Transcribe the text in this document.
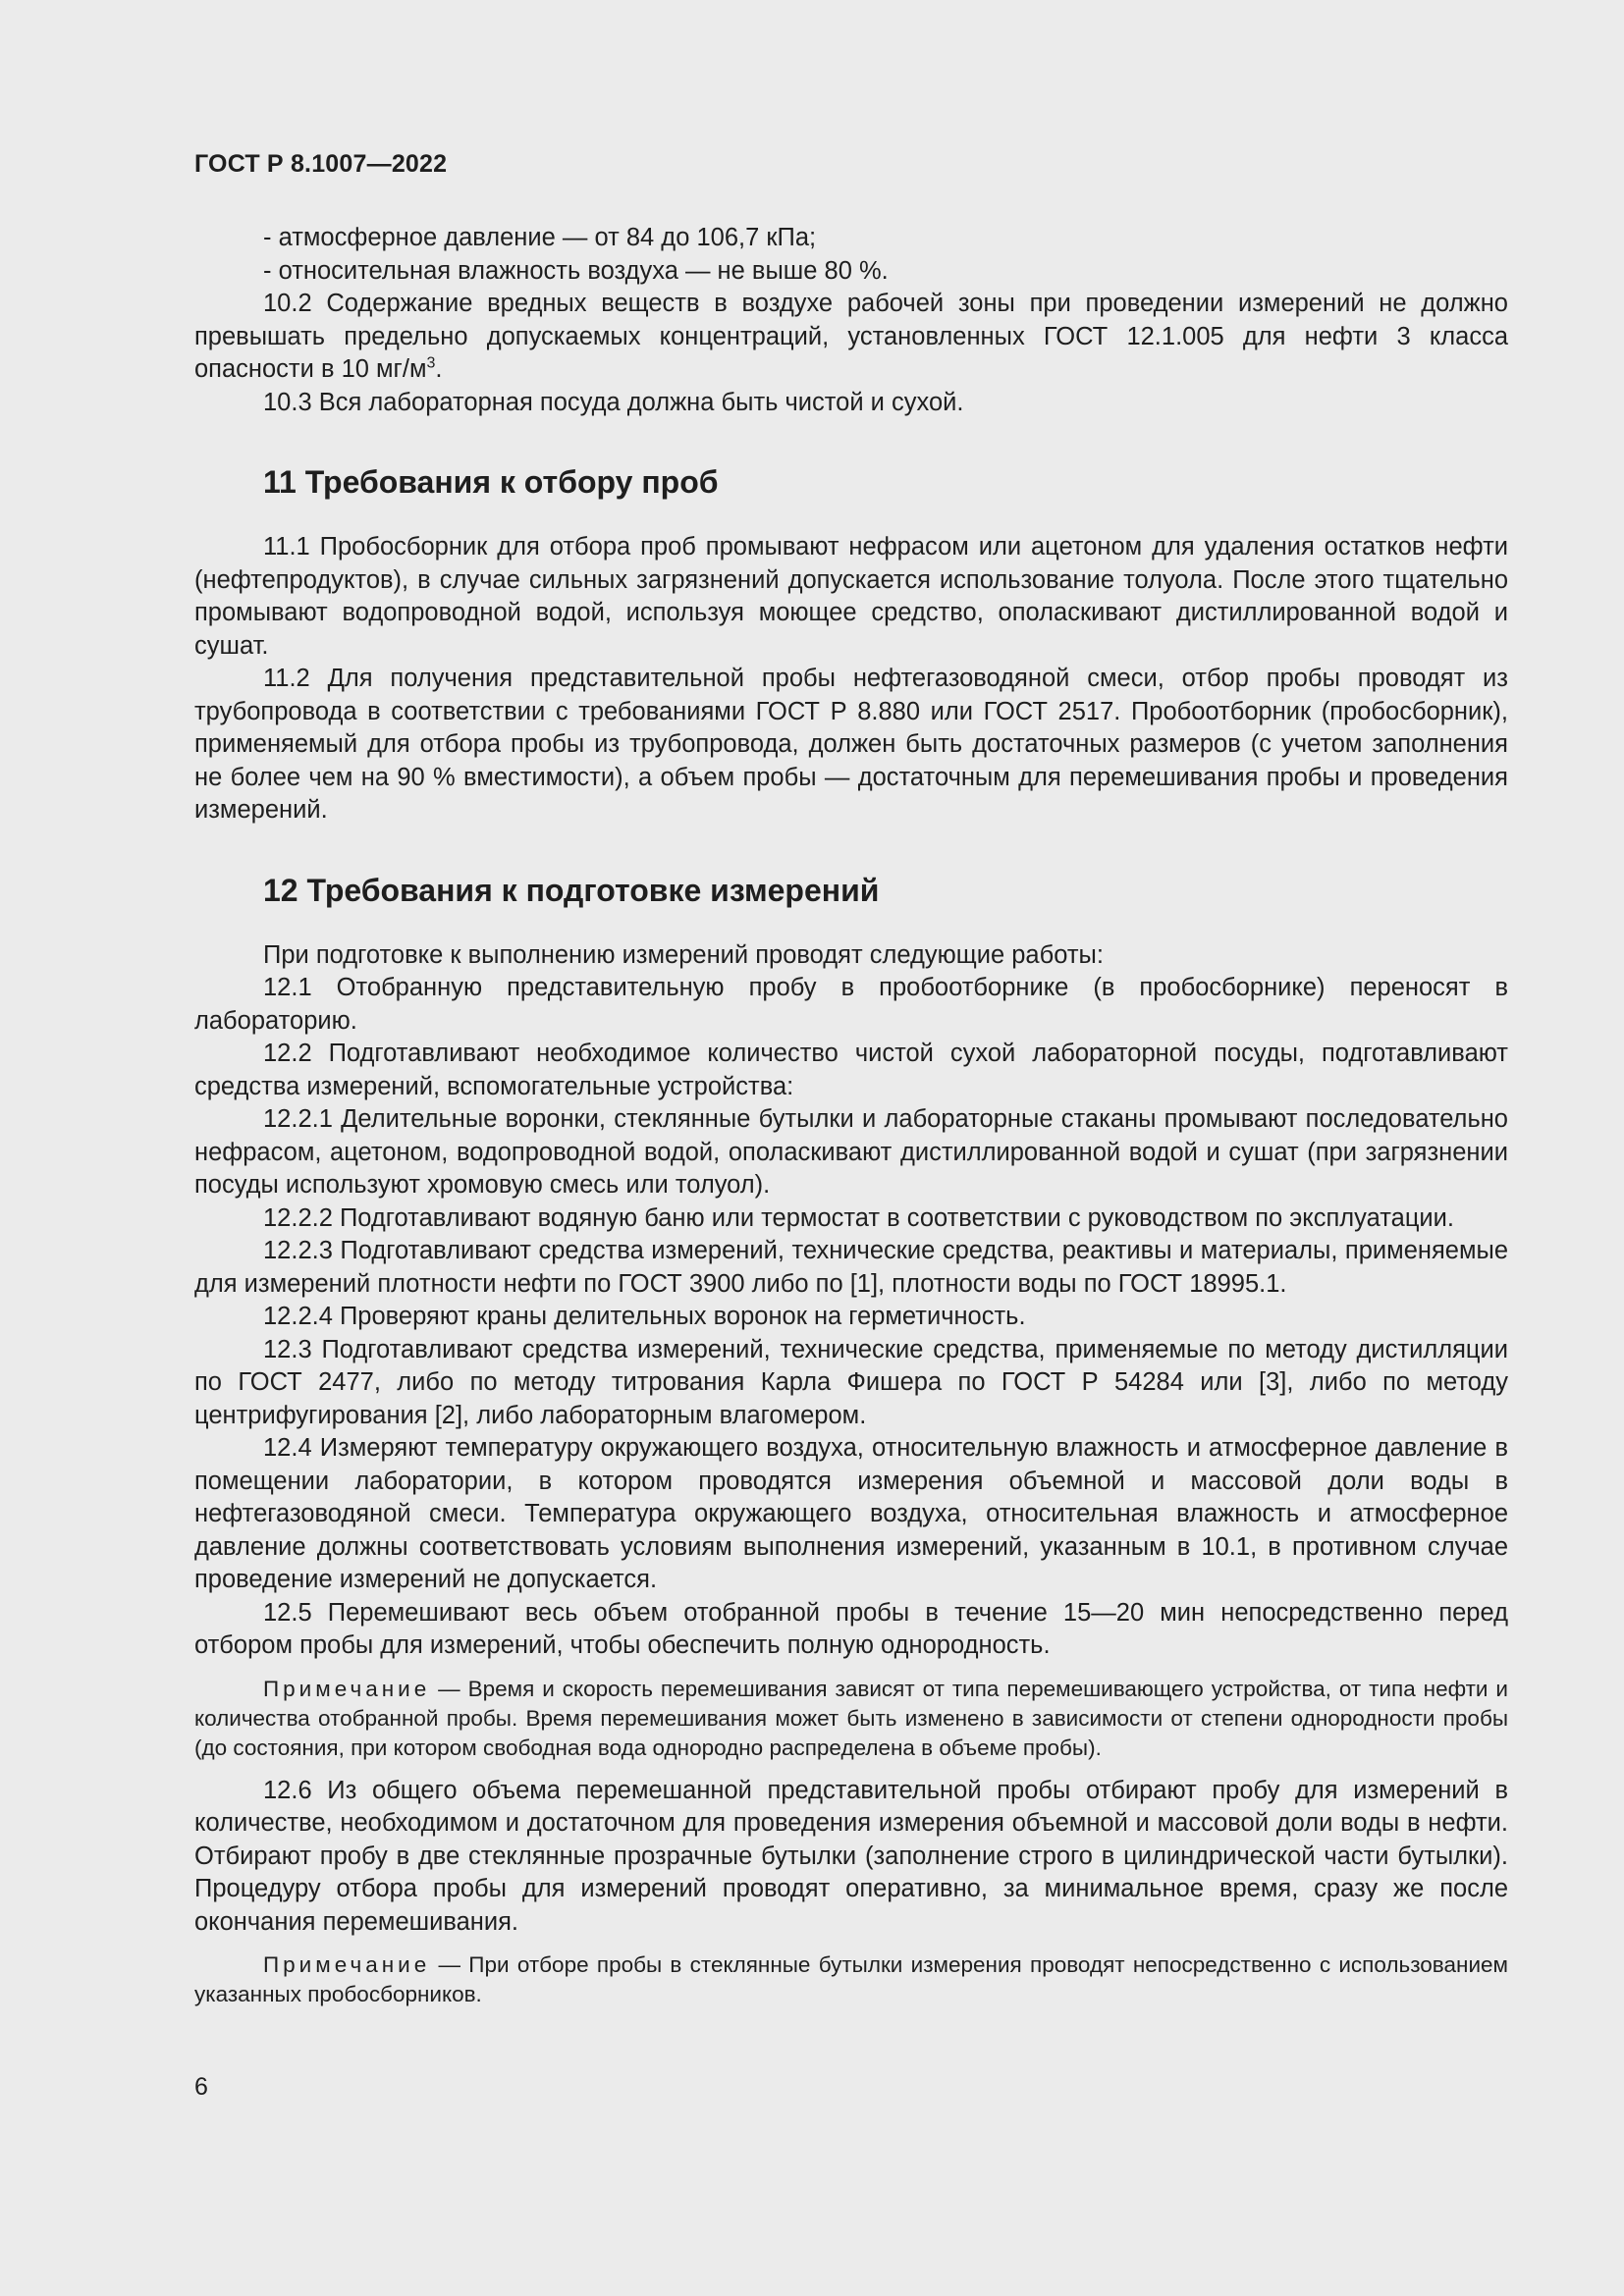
ГОСТ Р 8.1007—2022

- атмосферное давление — от 84 до 106,7 кПа;

- относительная влажность воздуха — не выше 80 %.

10.2 Содержание вредных веществ в воздухе рабочей зоны при проведении измерений не должно превышать предельно допускаемых концентраций, установленных ГОСТ 12.1.005 для нефти 3 класса опасности в 10 $мг/м^3$.

10.3 Вся лабораторная посуда должна быть чистой и сухой.

11 Требования к отбору проб

11.1 Пробосборник для отбора проб промывают нефрасом или ацетоном для удаления остатков нефти (нефтепродуктов), в случае сильных загрязнений допускается использование толуола. После этого тщательно промывают водопроводной водой, используя моющее средство, ополаскивают дистиллированной водой и сушат.

11.2 Для получения представительной пробы нефтегазоводяной смеси, отбор пробы проводят из трубопровода в соответствии с требованиями ГОСТ Р 8.880 или ГОСТ 2517. Пробоотборник (пробосборник), применяемый для отбора пробы из трубопровода, должен быть достаточных размеров (с учетом заполнения не более чем на 90 % вместимости), а объем пробы — достаточным для перемешивания пробы и проведения измерений.

12 Требования к подготовке измерений

При подготовке к выполнению измерений проводят следующие работы:

12.1 Отобранную представительную пробу в пробоотборнике (в пробосборнике) переносят в лабораторию.

12.2 Подготавливают необходимое количество чистой сухой лабораторной посуды, подготавливают средства измерений, вспомогательные устройства:

12.2.1 Делительные воронки, стеклянные бутылки и лабораторные стаканы промывают последовательно нефрасом, ацетоном, водопроводной водой, ополаскивают дистиллированной водой и сушат (при загрязнении посуды используют хромовую смесь или толуол).

12.2.2 Подготавливают водяную баню или термостат в соответствии с руководством по эксплуатации.

12.2.3 Подготавливают средства измерений, технические средства, реактивы и материалы, применяемые для измерений плотности нефти по ГОСТ 3900 либо по [1], плотности воды по ГОСТ 18995.1.

12.2.4 Проверяют краны делительных воронок на герметичность.

12.3 Подготавливают средства измерений, технические средства, применяемые по методу дистилляции по ГОСТ 2477, либо по методу титрования Карла Фишера по ГОСТ Р 54284 или [3], либо по методу центрифугирования [2], либо лабораторным влагомером.

12.4 Измеряют температуру окружающего воздуха, относительную влажность и атмосферное давление в помещении лаборатории, в котором проводятся измерения объемной и массовой доли воды в нефтегазоводяной смеси. Температура окружающего воздуха, относительная влажность и атмосферное давление должны соответствовать условиям выполнения измерений, указанным в 10.1, в противном случае проведение измерений не допускается.

12.5 Перемешивают весь объем отобранной пробы в течение 15—20 мин непосредственно перед отбором пробы для измерений, чтобы обеспечить полную однородность.

Примечание — Время и скорость перемешивания зависят от типа перемешивающего устройства, от типа нефти и количества отобранной пробы. Время перемешивания может быть изменено в зависимости от степени однородности пробы (до состояния, при котором свободная вода однородно распределена в объеме пробы).

12.6 Из общего объема перемешанной представительной пробы отбирают пробу для измерений в количестве, необходимом и достаточном для проведения измерения объемной и массовой доли воды в нефти. Отбирают пробу в две стеклянные прозрачные бутылки (заполнение строго в цилиндрической части бутылки). Процедуру отбора пробы для измерений проводят оперативно, за минимальное время, сразу же после окончания перемешивания.

Примечание — При отборе пробы в стеклянные бутылки измерения проводят непосредственно с использованием указанных пробосборников.
6
